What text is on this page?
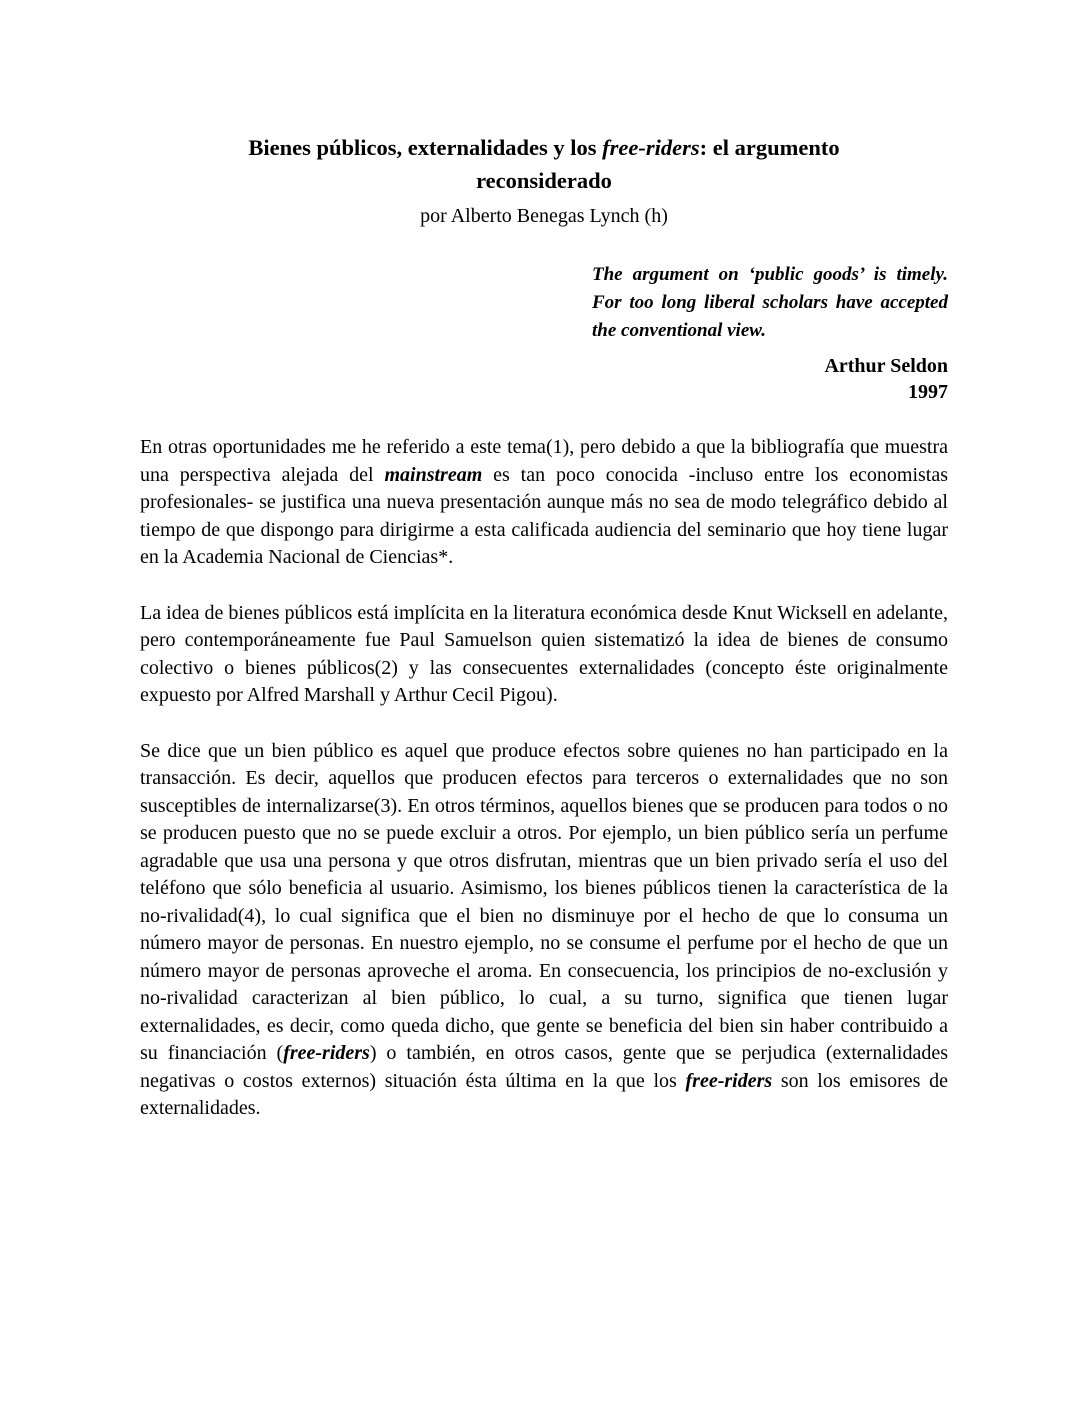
Bienes públicos, externalidades y los free-riders: el argumento
reconsiderado

por Alberto Benegas Lynch (h)

The argument on ‘public goods’ is timely. For too long liberal scholars have accepted the conventional view.

Arthur Seldon
1997

En otras oportunidades me he referido a este tema(1), pero debido a que la bibliografía que muestra una perspectiva alejada del mainstream es tan poco conocida -incluso entre los economistas profesionales- se justifica una nueva presentación aunque más no sea de modo telegráfico debido al tiempo de que dispongo para dirigirme a esta calificada audiencia del seminario que hoy tiene lugar en la Academia Nacional de Ciencias*.

La idea de bienes públicos está implícita en la literatura económica desde Knut Wicksell en adelante, pero contemporáneamente fue Paul Samuelson quien sistematizó la idea de bienes de consumo colectivo o bienes públicos(2) y las consecuentes externalidades (concepto éste originalmente expuesto por Alfred Marshall y Arthur Cecil Pigou).

Se dice que un bien público es aquel que produce efectos sobre quienes no han participado en la transacción. Es decir, aquellos que producen efectos para terceros o externalidades que no son susceptibles de internalizarse(3). En otros términos, aquellos bienes que se producen para todos o no se producen puesto que no se puede excluir a otros. Por ejemplo, un bien público sería un perfume agradable que usa una persona y que otros disfrutan, mientras que un bien privado sería el uso del teléfono que sólo beneficia al usuario. Asimismo, los bienes públicos tienen la característica de la no-rivalidad(4), lo cual significa que el bien no disminuye por el hecho de que lo consuma un número mayor de personas. En nuestro ejemplo, no se consume el perfume por el hecho de que un número mayor de personas aproveche el aroma. En consecuencia, los principios de no-exclusión y no-rivalidad caracterizan al bien público, lo cual, a su turno, significa que tienen lugar externalidades, es decir, como queda dicho, que gente se beneficia del bien sin haber contribuido a su financiación (free-riders) o también, en otros casos, gente que se perjudica (externalidades negativas o costos externos) situación ésta última en la que los free-riders son los emisores de externalidades.
